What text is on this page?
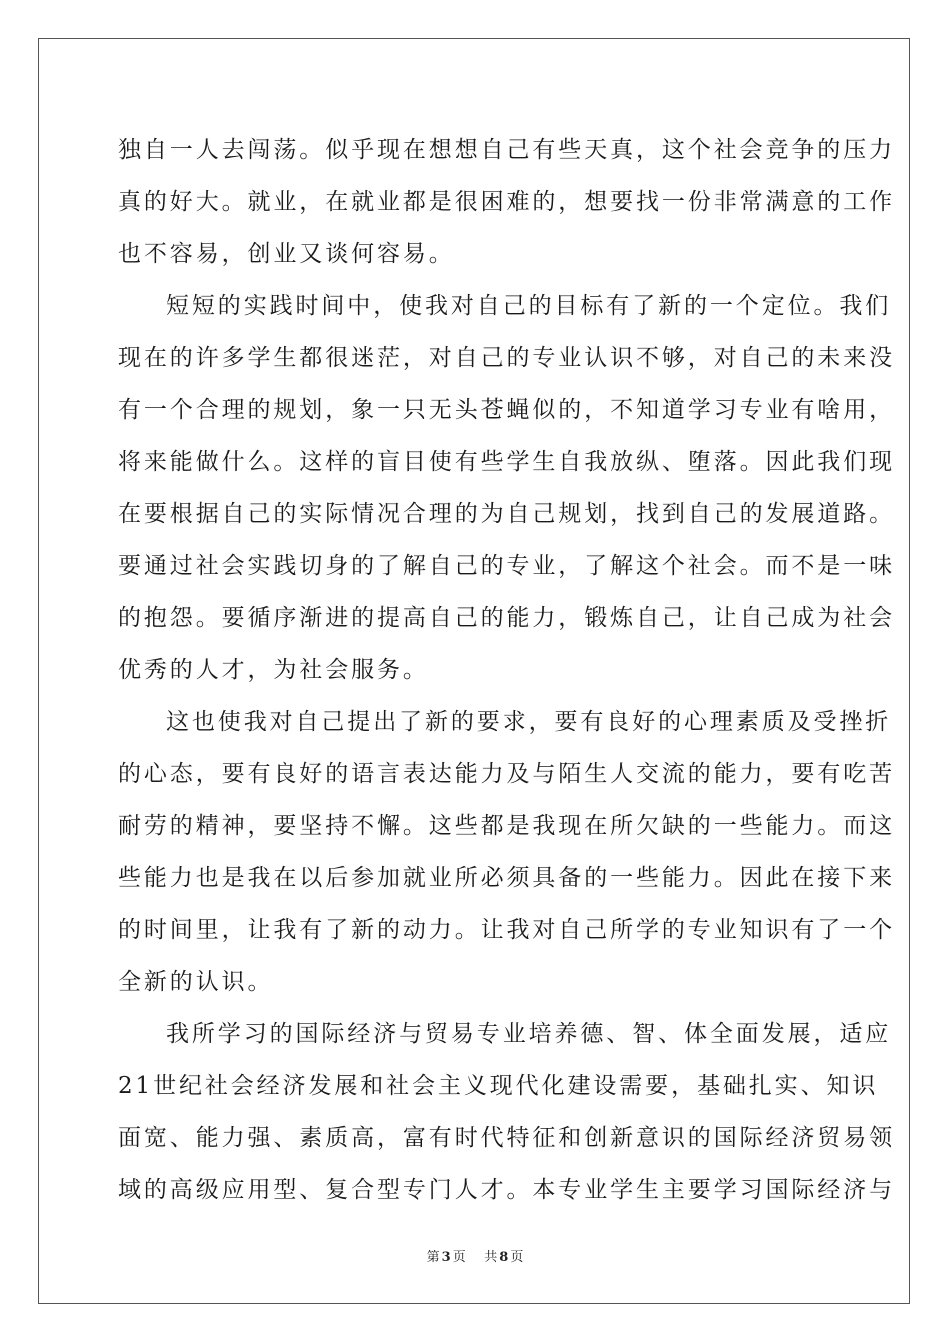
独自一人去闯荡。似乎现在想想自己有些天真，这个社会竞争的压力
真的好大。就业，在就业都是很困难的，想要找一份非常满意的工作
也不容易，创业又谈何容易。
短短的实践时间中，使我对自己的目标有了新的一个定位。我们
现在的许多学生都很迷茫，对自己的专业认识不够，对自己的未来没
有一个合理的规划，象一只无头苍蝇似的，不知道学习专业有啥用，
将来能做什么。这样的盲目使有些学生自我放纵、堕落。因此我们现
在要根据自己的实际情况合理的为自己规划，找到自己的发展道路。
要通过社会实践切身的了解自己的专业，了解这个社会。而不是一味
的抱怨。要循序渐进的提高自己的能力，锻炼自己，让自己成为社会
优秀的人才，为社会服务。
这也使我对自己提出了新的要求，要有良好的心理素质及受挫折
的心态，要有良好的语言表达能力及与陌生人交流的能力，要有吃苦
耐劳的精神，要坚持不懈。这些都是我现在所欠缺的一些能力。而这
些能力也是我在以后参加就业所必须具备的一些能力。因此在接下来
的时间里，让我有了新的动力。让我对自己所学的专业知识有了一个
全新的认识。
我所学习的国际经济与贸易专业培养德、智、体全面发展，适应
21世纪社会经济发展和社会主义现代化建设需要，基础扎实、知识
面宽、能力强、素质高，富有时代特征和创新意识的国际经济贸易领
域的高级应用型、复合型专门人才。本专业学生主要学习国际经济与
第 3 页 共 8 页
